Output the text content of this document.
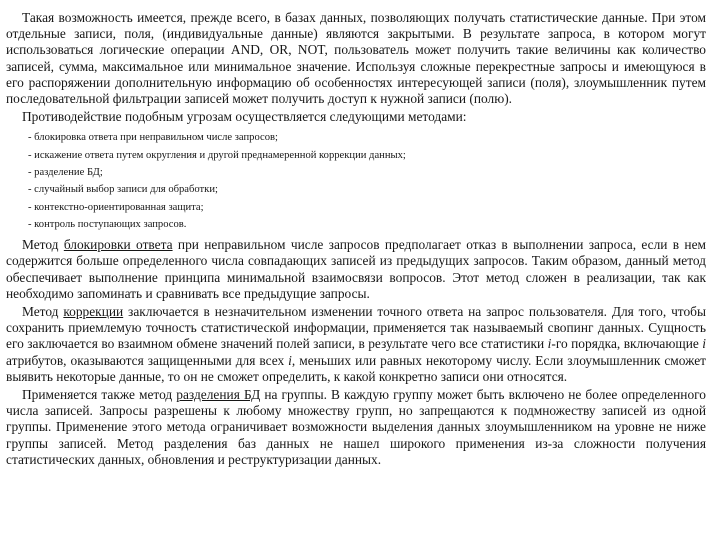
Такая возможность имеется, прежде всего, в базах данных, позволяющих получать статистические данные. При этом отдельные записи, поля, (индивидуальные данные) являются закрытыми. В результате запроса, в котором могут использоваться логические операции AND, OR, NOT, пользователь может получить такие величины как количество записей, сумма, максимальное или минимальное значение. Используя сложные перекрестные запросы и имеющуюся в его распоряжении дополнительную информацию об особенностях интересующей записи (поля), злоумышленник путем последовательной фильтрации записей может получить доступ к нужной записи (полю).

Противодействие подобным угрозам осуществляется следующими методами:

- блокировка ответа при неправильном числе запросов;
- искажение ответа путем округления и другой преднамеренной коррекции данных;
- разделение БД;
- случайный выбор записи для обработки;
- контекстно-ориентированная защита;
- контроль поступающих запросов.

Метод блокировки ответа при неправильном числе запросов предполагает отказ в выполнении запроса, если в нем содержится больше определенного числа совпадающих записей из предыдущих запросов. Таким образом, данный метод обеспечивает выполнение принципа минимальной взаимосвязи вопросов. Этот метод сложен в реализации, так как необходимо запоминать и сравнивать все предыдущие запросы.

Метод коррекции заключается в незначительном изменении точного ответа на запрос пользователя. Для того, чтобы сохранить приемлемую точность статистической информации, применяется так называемый свопинг данных. Сущность его заключается во взаимном обмене значений полей записи, в результате чего все статистики i-го порядка, включающие i атрибутов, оказываются защищенными для всех i, меньших или равных некоторому числу. Если злоумышленник сможет выявить некоторые данные, то он не сможет определить, к какой конкретно записи они относятся.

Применяется также метод разделения БД на группы. В каждую группу может быть включено не более определенного числа записей. Запросы разрешены к любому множеству групп, но запрещаются к подмножеству записей из одной группы. Применение этого метода ограничивает возможности выделения данных злоумышленником на уровне не ниже группы записей. Метод разделения баз данных не нашел широкого применения из-за сложности получения статистических данных, обновления и реструктуризации данных.
